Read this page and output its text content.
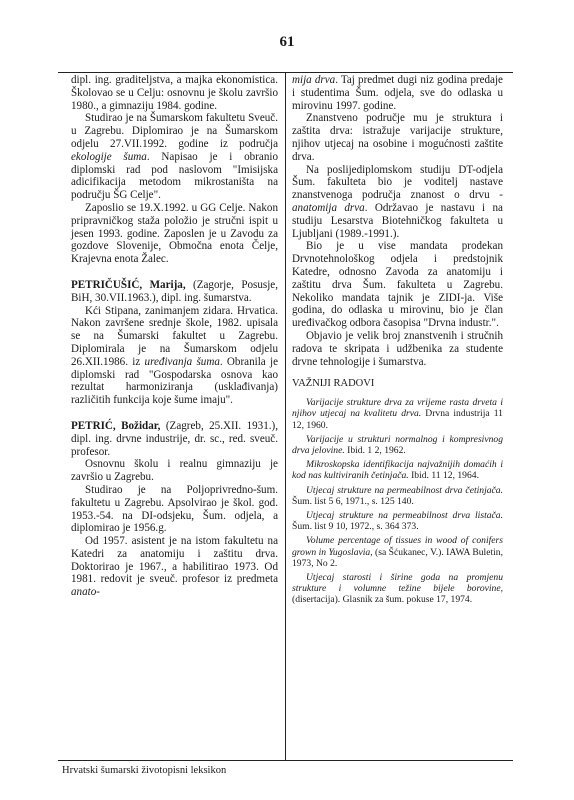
61

dipl. ing. graditeljstva, a majka ekonomistica. Školovao se u Celju: osnovnu je školu završio 1980., a gimnaziju 1984. godine.

Studirao je na Šumarskom fakultetu Sveuč. u Zagrebu. Diplomirao je na Šumarskom odjelu 27.VII.1992. godine iz područja ekologije šuma. Napisao je i obranio diplomski rad pod naslovom "Imisijska adicifikacija metodom mikrostaništa na području ŠG Celje".

Zaposlio se 19.X.1992. u GG Celje. Nakon pripravničkog staža položio je stručni ispit u jesen 1993. godine. Zaposlen je u Zavodu za gozdove Slovenije, Območna enota Čelje, Krajevna enota Žalec.

PETRIČUŠIĆ, Marija, (Zagorje, Posusje, BiH, 30.VII.1963.), dipl. ing. šumarstva.

Kći Stipana, zanimanjem zidara. Hrvatica. Nakon završene srednje škole, 1982. upisala se na Šumarski fakultet u Zagrebu. Diplomirala je na Šumarskom odjelu 26.XII.1986. iz uređivanja šuma. Obranila je diplomski rad "Gospodarska osnova kao rezultat harmoniziranja (usklađivanja) različitih funkcija koje šume imaju".

PETRIĆ, Božidar, (Zagreb, 25.XII. 1931.), dipl. ing. drvne industrije, dr. sc., red. sveuč. profesor.

Osnovnu školu i realnu gimnaziju je završio u Zagrebu.

Studirao je na Poljoprivredno-šum. fakultetu u Zagrebu. Apsolvirao je škol. god. 1953.-54. na DI-odsjeku, Šum. odjela, a diplomirao je 1956.g.

Od 1957. asistent je na istom fakultetu na Katedri za anatomiju i zaštitu drva. Doktorirao je 1967., a habilitirao 1973. Od 1981. redovit je sveuč. profesor iz predmeta anato-

mija drva. Taj predmet dugi niz godina predaje i studentima Šum. odjela, sve do odlaska u mirovinu 1997. godine.

Znanstveno područje mu je struktura i zaštita drva: istražuje varijacije strukture, njihov utjecaj na osobine i mogućnosti zaštite drva.

Na poslijediplomskom studiju DT-odjela Šum. fakulteta bio je voditelj nastave znanstvenoga područja znanost o drvu - anatomija drva. Održavao je nastavu i na studiju Lesarstva Biotehničkog fakulteta u Ljubljani (1989.-1991.).

Bio je u vise mandata prodekan Drvnotehnološkog odjela i predstojnik Katedre, odnosno Zavoda za anatomiju i zaštitu drva Šum. fakulteta u Zagrebu. Nekoliko mandata tajnik je ZIDI-ja. Više godina, do odlaska u mirovinu, bio je član uređivačkog odbora časopisa "Drvna industr.".

Objavio je velik broj znanstvenih i stručnih radova te skripata i udžbenika za studente drvne tehnologije i šumarstva.

VAŽNIJI RADOVI

Varijacije strukture drva za vrijeme rasta drveta i njihov utjecaj na kvalitetu drva. Drvna industrija 11 12, 1960.

Varijacije u strukturi normalnog i kompresivnog drva jelovine. Ibid. 1 2, 1962.

Mikroskopska identifikacija najvažnijih domaćih i kod nas kultiviranih četinjača. Ibid. 11 12, 1964.

Utjecaj strukture na permeabilnost drva četinjača. Šum. list 5 6, 1971., s. 125 140.

Utjecaj strukture na permeabilnost drva listača. Šum. list 9 10, 1972., s. 364 373.

Volume percentage of tissues in wood of conifers grown in Yugoslavia, (sa Šćukanec, V.). IAWA Buletin, 1973, No 2.

Utjecaj starosti i širine goda na promjenu strukture i volumne težine bijele borovine, (disertacija). Glasnik za šum. pokuse 17, 1974.

Hrvatski šumarski životopisni leksikon
